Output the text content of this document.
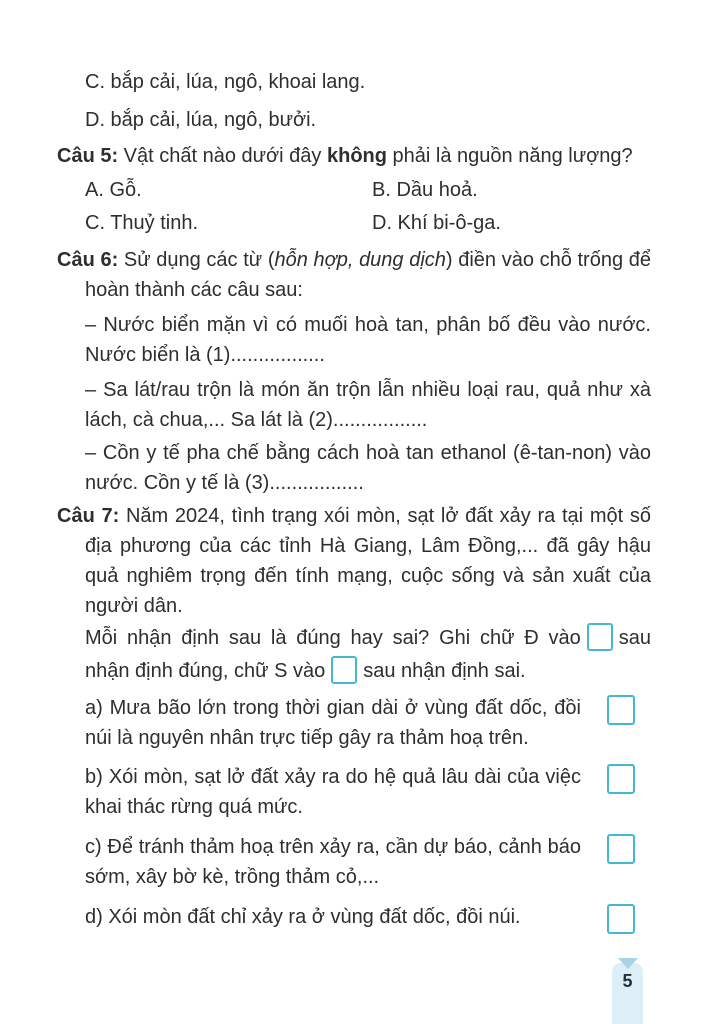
C. bắp cải, lúa, ngô, khoai lang.

D. bắp cải, lúa, ngô, bưởi.

Câu 5: Vật chất nào dưới đây không phải là nguồn năng lượng?

A. Gỗ.	B. Dầu hoả.
C. Thuỷ tinh.	D. Khí bi-ô-ga.

Câu 6: Sử dụng các từ (hỗn hợp, dung dịch) điền vào chỗ trống để hoàn thành các câu sau:

– Nước biển mặn vì có muối hoà tan, phân bố đều vào nước. Nước biển là (1).................

– Sa lát/rau trộn là món ăn trộn lẫn nhiều loại rau, quả như xà lách, cà chua,... Sa lát là (2).................

– Cồn y tế pha chế bằng cách hoà tan ethanol (ê-tan-non) vào nước. Cồn y tế là (3).................

Câu 7: Năm 2024, tình trạng xói mòn, sạt lở đất xảy ra tại một số địa phương của các tỉnh Hà Giang, Lâm Đồng,... đã gây hậu quả nghiêm trọng đến tính mạng, cuộc sống và sản xuất của người dân.

Mỗi nhận định sau là đúng hay sai? Ghi chữ Đ vào sau nhận định đúng, chữ S vào sau nhận định sai.

a) Mưa bão lớn trong thời gian dài ở vùng đất dốc, đồi núi là nguyên nhân trực tiếp gây ra thảm hoạ trên.
b) Xói mòn, sạt lở đất xảy ra do hệ quả lâu dài của việc khai thác rừng quá mức.
c) Để tránh thảm hoạ trên xảy ra, cần dự báo, cảnh báo sớm, xây bờ kè, trồng thảm cỏ,...
d) Xói mòn đất chỉ xảy ra ở vùng đất dốc, đồi núi.
5
